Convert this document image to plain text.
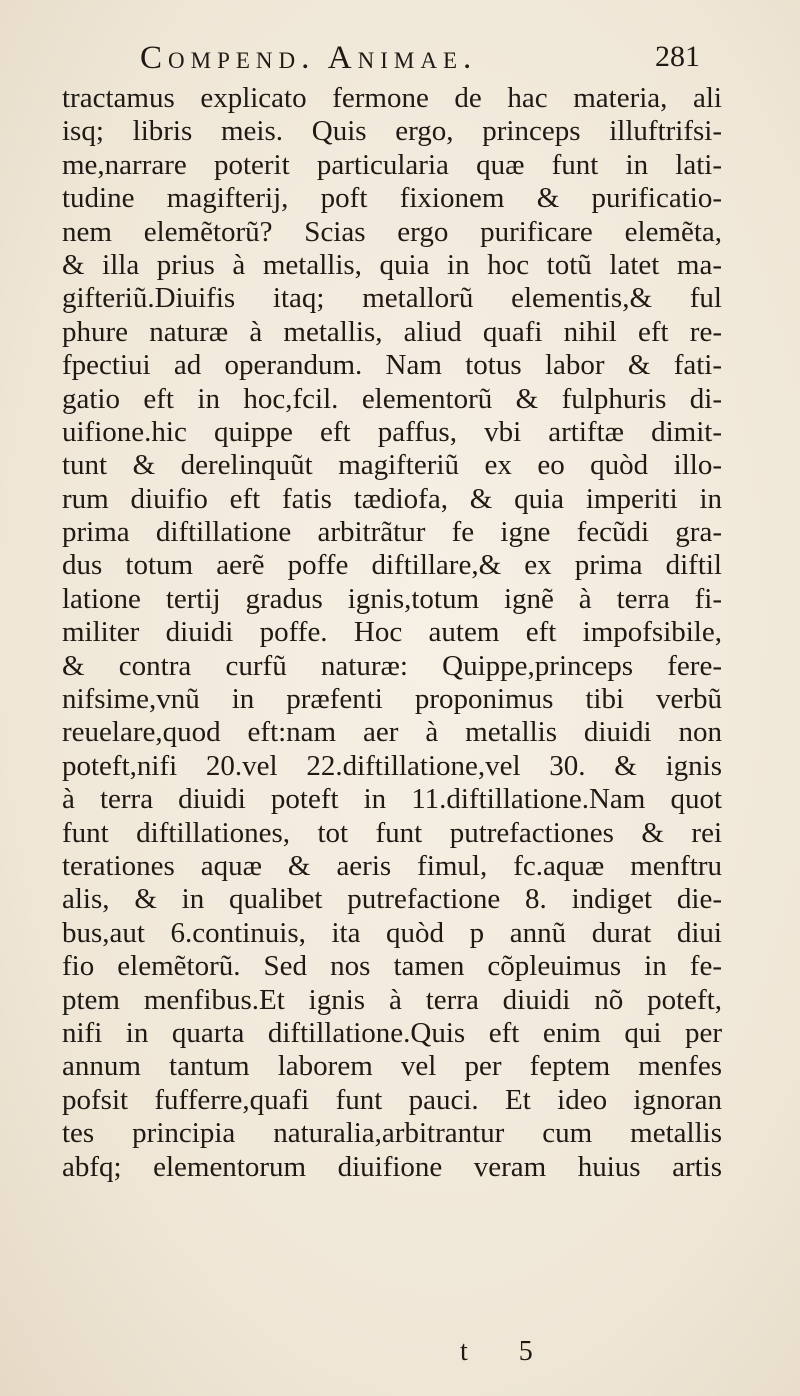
Compend. Animae.	281
tractamus explicato fermone de hac materia, ali
isq; libris meis. Quis ergo, princeps illuftrifsi-
me,narrare poterit particularia quæ funt in lati-
tudine magifterij, poft fixionem & purificatio-
nem elemẽtorũ? Scias ergo purificare elemẽta,
& illa prius à metallis, quia in hoc totũ latet ma-
gifteriũ.Diuifis itaq; metallorũ elementis,& ful
phure naturæ à metallis, aliud quafi nihil eft re-
fpectiui ad operandum. Nam totus labor & fati-
gatio eft in hoc,fcil. elementorũ & fulphuris di-
uifione.hic quippe eft paffus, vbi artiftæ dimit-
tunt & derelinquũt magifteriũ ex eo quòd illo-
rum diuifio eft fatis tædiofa, & quia imperiti in
prima diftillatione arbitrãtur fe igne fecũdi gra-
dus totum aerẽ poffe diftillare,& ex prima diftil
latione tertij gradus ignis,totum ignẽ à terra fi-
militer diuidi poffe. Hoc autem eft impofsibile,
& contra curfũ naturæ: Quippe,princeps fere-
nifsime,vnũ in præfenti proponimus tibi verbũ
reuelare,quod eft:nam aer à metallis diuidi non
poteft,nifi 20.vel 22.diftillatione,vel 30. & ignis
à terra diuidi poteft in 11.diftillatione.Nam quot
funt diftillationes, tot funt putrefactiones & rei
terationes aquæ & aeris fimul, fc.aquæ menftru
alis, & in qualibet putrefactione 8. indiget die-
bus,aut 6.continuis, ita quòd p annũ durat diui
fio elemẽtorũ. Sed nos tamen cõpleuimus in fe-
ptem menfibus.Et ignis à terra diuidi nõ poteft,
nifi in quarta diftillatione.Quis eft enim qui per
annum tantum laborem vel per feptem menfes
pofsit fufferre,quafi funt pauci. Et ideo ignoran
tes principia naturalia,arbitrantur cum metallis
abfq; elementorum diuifione veram huius artis
t 5
